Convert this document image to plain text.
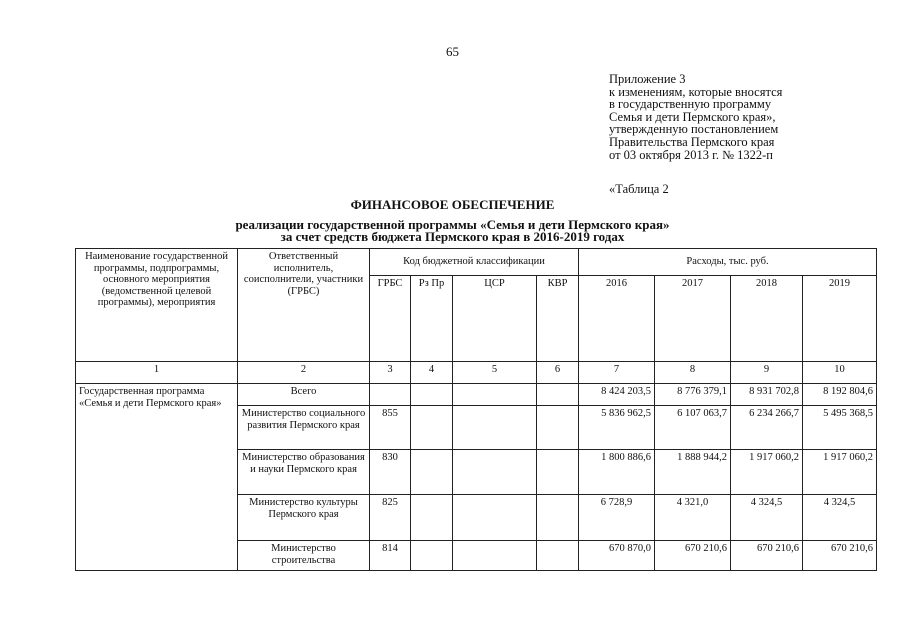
65
Приложение 3
к изменениям, которые вносятся
в государственную программу
Семья и дети Пермского края»,
утвержденную постановлением
Правительства Пермского края
от 03 октября 2013 г. № 1322-п
«Таблица 2
ФИНАНСОВОЕ ОБЕСПЕЧЕНИЕ
реализации государственной программы «Семья и дети Пермского края»
за счет средств бюджета Пермского края в 2016-2019 годах
Наименование государственной программы, подпрограммы, основного мероприятия (ведомственной целевой программы), мероприятия	Ответственный исполнитель, соисполнители, участники (ГРБС)	Код бюджетной классификации				Расходы, тыс. руб.			
		ГРБС	Рз Пр	ЦСР	КВР	2016	2017	2018	2019
1	2	3	4	5	6	7	8	9	10
Государственная программа «Семья и дети Пермского края»	Всего					8 424 203,5	8 776 379,1	8 931 702,8	8 192 804,6
	Министерство социального развития Пермского края	855				5 836 962,5	6 107 063,7	6 234 266,7	5 495 368,5
	Министерство образования и науки Пермского края	830				1 800 886,6	1 888 944,2	1 917 060,2	1 917 060,2
	Министерство культуры Пермского края	825				6 728,9	4 321,0	4 324,5	4 324,5
	Министерство строительства	814				670 870,0	670 210,6	670 210,6	670 210,6
